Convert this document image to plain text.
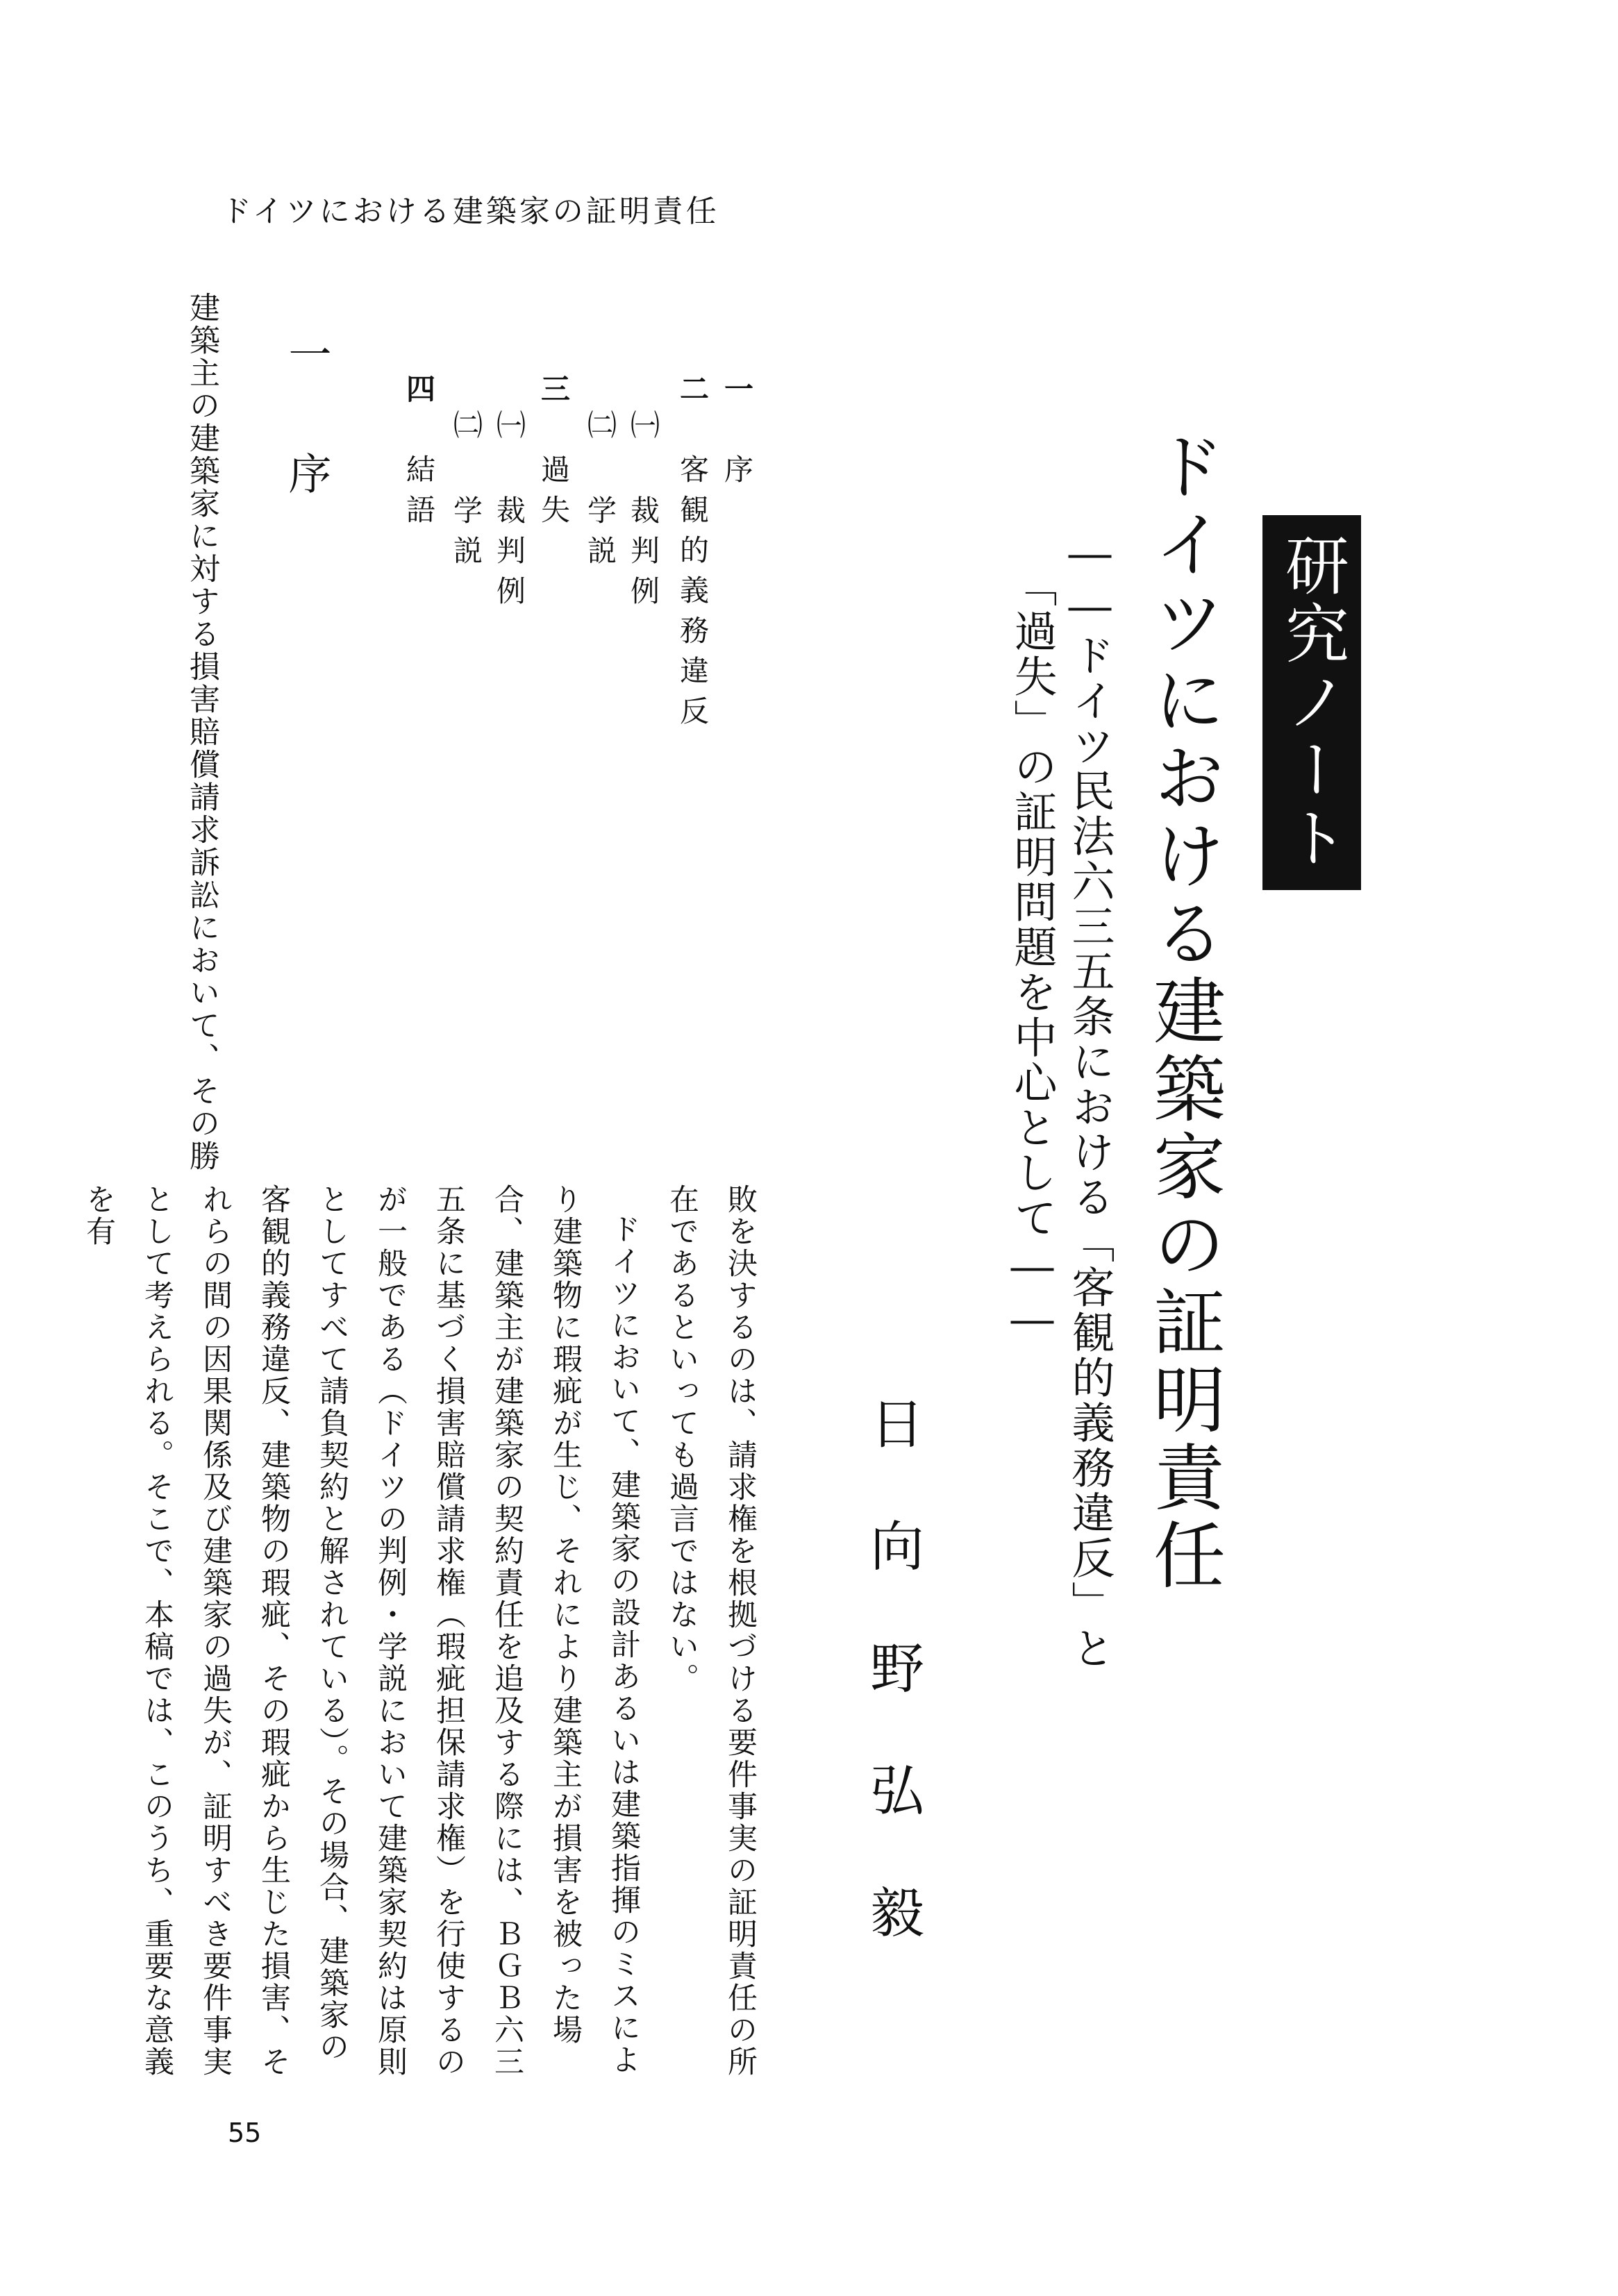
ドイツにおける建築家の証明責任
研究ノート
ドイツにおける建築家の証明責任
――ドイツ民法六三五条における「客観的義務違反」と
「過失」の証明問題を中心として――
日向野弘毅
一　序
二　客観的義務違反
㈠ 裁判例
㈡ 学説
三　過失
㈠ 裁判例
㈡ 学説
四　結語
一　序
建築主の建築家に対する損害賠償請求訴訟において、その勝

敗を決するのは、請求権を根拠づける要件事実の証明責任の所在であるといっても過言ではない。

ドイツにおいて、建築家の設計あるいは建築指揮のミスにより建築物に瑕疵が生じ、それにより建築主が損害を被った場合、建築主が建築家の契約責任を追及する際には、ＢＧＢ六三五条に基づく損害賠償請求権（瑕疵担保請求権）を行使するのが一般である（ドイツの判例・学説において建築家契約は原則としてすべて請負契約と解されている）。その場合、建築家の客観的義務違反、建築物の瑕疵、その瑕疵から生じた損害、それらの間の因果関係及び建築家の過失が、証明すべき要件事実として考えられる。そこで、本稿では、このうち、重要な意義を有

55
